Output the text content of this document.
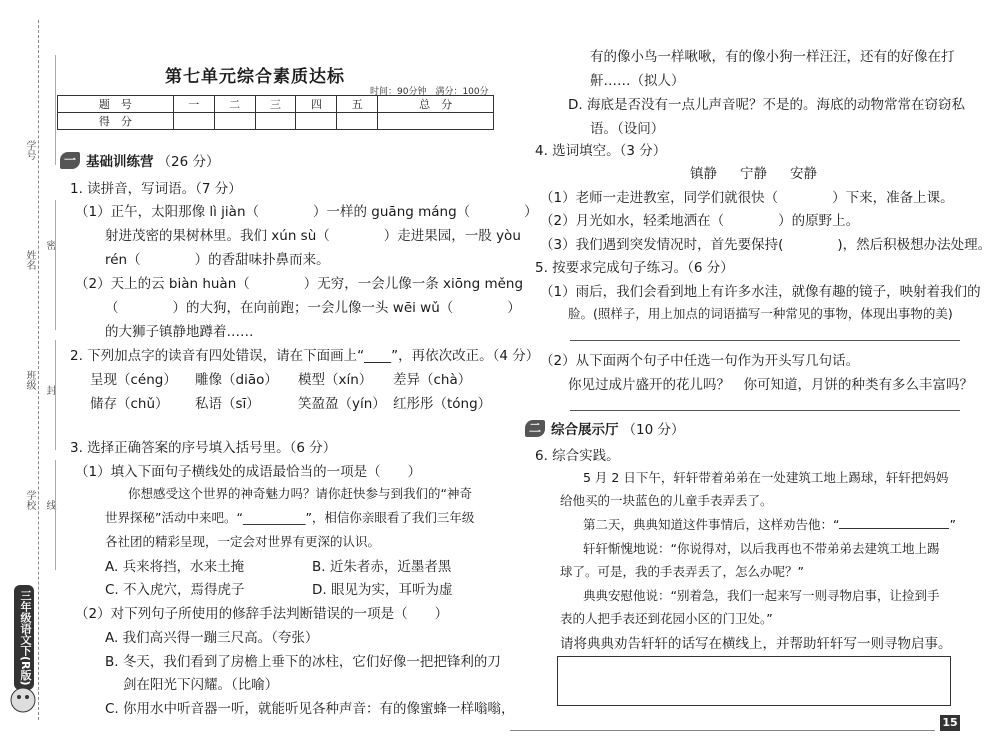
学号
姓名
班级
学校
密
封
线
三年级语文下(R版)
第七单元综合素质达标
时间：90分钟　满分：100分
题　号	一	二	三	四	五	总　分
得　分						
一 基础训练营 （26 分）
1. 读拼音，写词语。（7 分）
（1）正午，太阳那像 lì jiàn（　　　　）一样的 guāng máng（　　　　）
射进茂密的果树林里。我们 xún sù（　　　　）走进果园，一股 yòu
rén（　　　　）的香甜味扑鼻而来。
（2）天上的云 biàn huàn（　　　　）无穷，一会儿像一条 xiōng měng
（　　　　）的大狗，在向前跑；一会儿像一头 wēi wǔ（　　　　）
的大狮子镇静地蹲着……
2. 下列加点字的读音有四处错误，请在下面画上“____”，再依次改正。（4 分）
呈现（céng） 雕像（diāo） 模型（xín） 差异（chà）
储存（chǔ） 私语（sī）	笑盈盈（yín） 红彤彤（tóng）
3. 选择正确答案的序号填入括号里。（6 分）
（1）填入下面句子横线处的成语最恰当的一项是（　　）
你想感受这个世界的神奇魅力吗？请你赶快参与到我们的“神奇
世界探秘”活动中来吧。“__________”，相信你亲眼看了我们三年级
各社团的精彩呈现，一定会对世界有更深的认识。
A. 兵来将挡，水来土掩	B. 近朱者赤，近墨者黑
C. 不入虎穴，焉得虎子	D. 眼见为实，耳听为虚
（2）对下列句子所使用的修辞手法判断错误的一项是（　　）
A. 我们高兴得一蹦三尺高。（夸张）
B. 冬天，我们看到了房檐上垂下的冰柱，它们好像一把把锋利的刀
剑在阳光下闪耀。（比喻）
C. 你用水中听音器一听，就能听见各种声音：有的像蜜蜂一样嗡嗡，
有的像小鸟一样啾啾，有的像小狗一样汪汪，还有的好像在打
鼾……（拟人）
D. 海底是否没有一点儿声音呢？不是的。海底的动物常常在窃窃私
语。（设问）
4. 选词填空。（3 分）
镇静 宁静 安静
（1）老师一走进教室，同学们就很快（　　　　）下来，准备上课。
（2）月光如水，轻柔地洒在（　　　　）的原野上。
（3）我们遇到突发情况时，首先要保持(　　　　)，然后积极想办法处理。
5. 按要求完成句子练习。（6 分）
（1）雨后，我们会看到地上有许多水洼，就像有趣的镜子，映射着我们的
脸。(照样子，用上加点的词语描写一种常见的事物，体现出事物的美)
（2）从下面两个句子中任选一句作为开头写几句话。
你见过成片盛开的花儿吗？　你可知道，月饼的种类有多么丰富吗？
二 综合展示厅 （10 分）
6. 综合实践。
5 月 2 日下午，轩轩带着弟弟在一处建筑工地上踢球，轩轩把妈妈
给他买的一块蓝色的儿童手表弄丢了。
第二天，典典知道这件事情后，这样劝告他：“	”
轩轩惭愧地说：“你说得对，以后我再也不带弟弟去建筑工地上踢
球了。可是，我的手表弄丢了，怎么办呢？”
典典安慰他说：“别着急，我们一起来写一则寻物启事，让捡到手
表的人把手表还到花园小区的门卫处。”
请将典典劝告轩轩的话写在横线上，并帮助轩轩写一则寻物启事。
15
